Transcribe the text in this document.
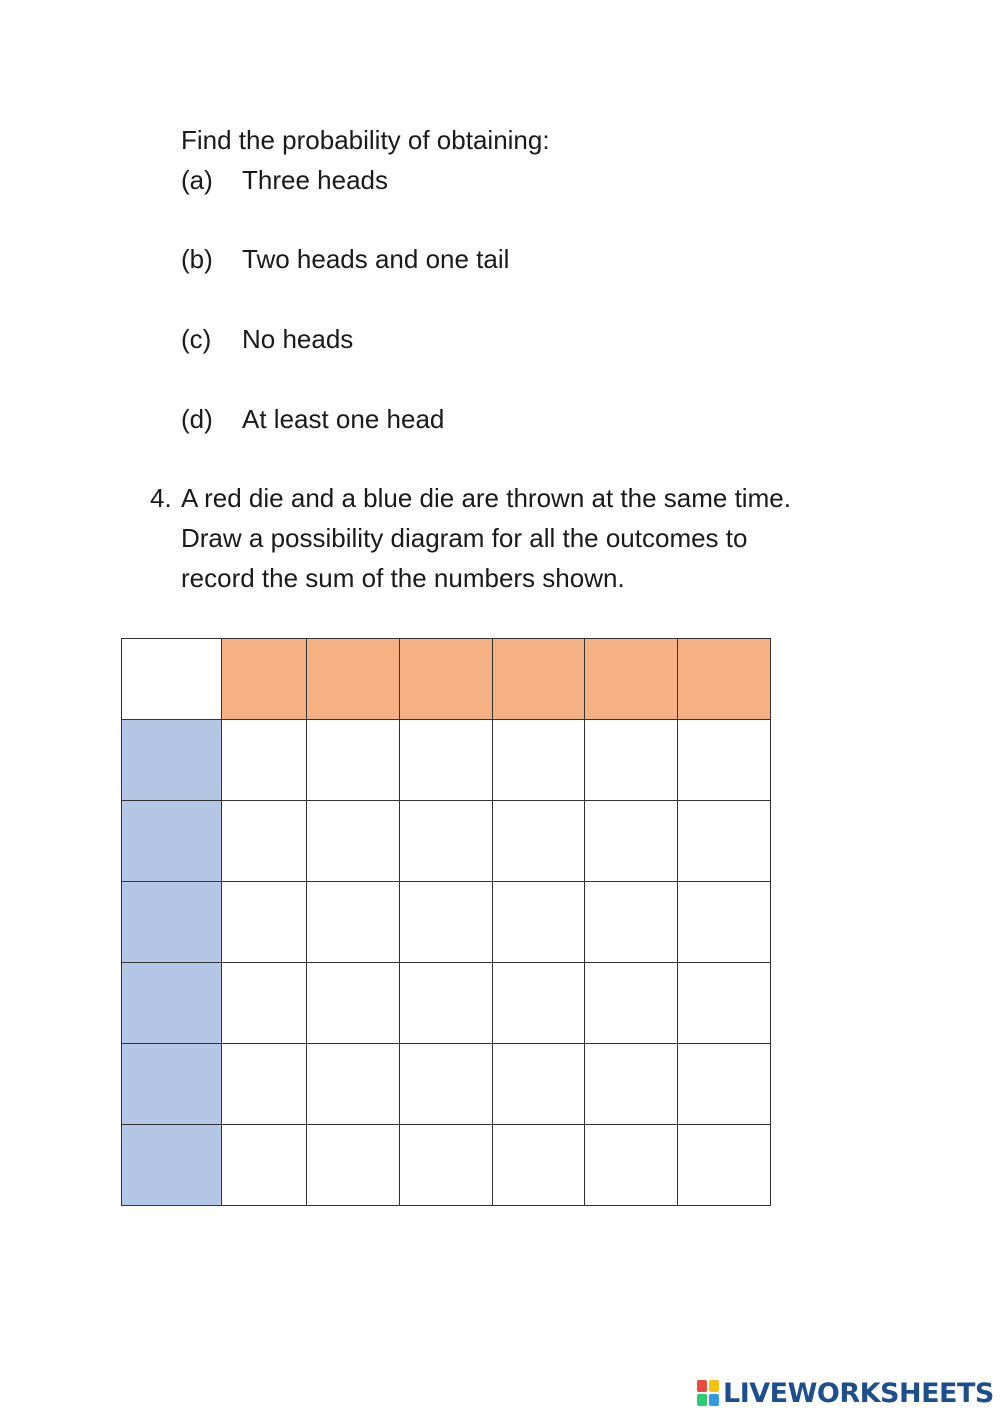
Find the probability of obtaining:
(a) Three heads
(b) Two heads and one tail
(c) No heads
(d) At least one head
4. A red die and a blue die are thrown at the same time.
Draw a possibility diagram for all the outcomes to
record the sum of the numbers shown.

LIVEWORKSHEETS
